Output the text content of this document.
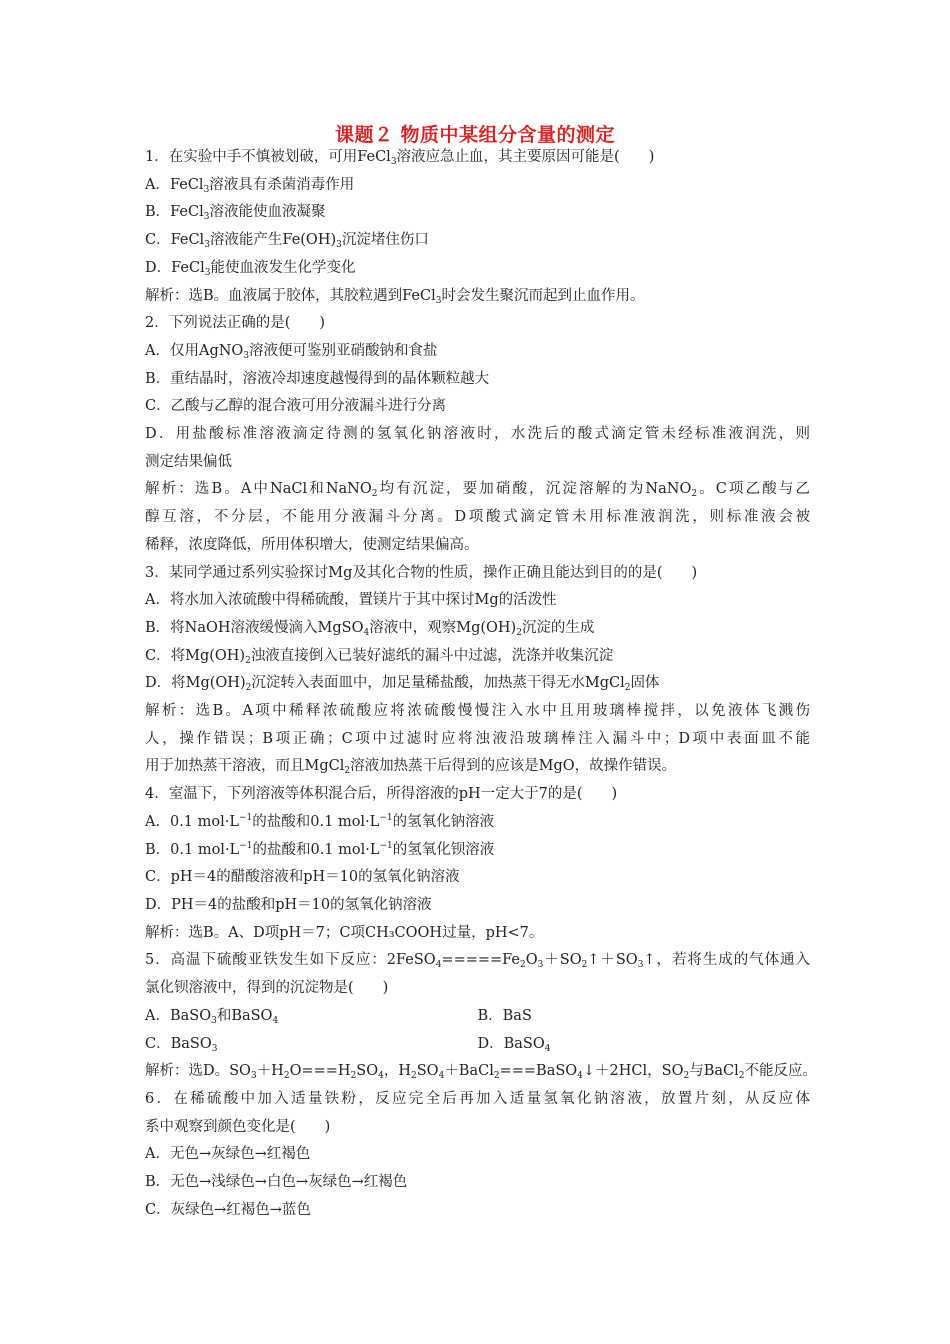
课题２ 物质中某组分含量的测定
1．在实验中手不慎被划破，可用FeCl$_3$溶液应急止血，其主要原因可能是(　　)
A．FeCl$_3$溶液具有杀菌消毒作用
B．FeCl$_3$溶液能使血液凝聚
C．FeCl$_3$溶液能产生$Fe(OH)_3$沉淀堵住伤口
D．FeCl$_3$能使血液发生化学变化
解析：选B。血液属于胶体，其胶粒遇到FeCl$_3$时会发生聚沉而起到止血作用。
2．下列说法正确的是(　　)
A．仅用AgNO$_3$溶液便可鉴别亚硝酸钠和食盐
B．重结晶时，溶液冷却速度越慢得到的晶体颗粒越大
C．乙酸与乙醇的混合液可用分液漏斗进行分离
D．用盐酸标准溶液滴定待测的氢氧化钠溶液时，水洗后的酸式滴定管未经标准液润洗，则
测定结果偏低
解析：选B。A中NaCl和NaNO$_2$均有沉淀，要加硝酸，沉淀溶解的为NaNO$_2$。C项乙酸与乙
醇互溶，不分层，不能用分液漏斗分离。D项酸式滴定管未用标准液润洗，则标准液会被
稀释，浓度降低，所用体积增大，使测定结果偏高。
3．某同学通过系列实验探讨Mg及其化合物的性质，操作正确且能达到目的的是(　　)
A．将水加入浓硫酸中得稀硫酸，置镁片于其中探讨Mg的活泼性
B．将NaOH溶液缓慢滴入MgSO$_4$溶液中，观察$Mg(OH)_2$沉淀的生成
C．将$Mg(OH)_2$浊液直接倒入已装好滤纸的漏斗中过滤，洗涤并收集沉淀
D．将$Mg(OH)_2$沉淀转入表面皿中，加足量稀盐酸，加热蒸干得无水MgCl$_2$固体
解析：选B。A项中稀释浓硫酸应将浓硫酸慢慢注入水中且用玻璃棒搅拌，以免液体飞溅伤
人，操作错误；B项正确；C项中过滤时应将浊液沿玻璃棒注入漏斗中；D项中表面皿不能
用于加热蒸干溶液，而且MgCl$_2$溶液加热蒸干后得到的应该是MgO，故操作错误。
4．室温下，下列溶液等体积混合后，所得溶液的pH一定大于7的是(　　)
A．0.1 $mol\cdot L^{-1}$的盐酸和0.1 $mol\cdot L^{-1}$的氢氧化钠溶液
B．0.1 $mol\cdot L^{-1}$的盐酸和0.1 $mol\cdot L^{-1}$的氢氧化钡溶液
C．pH＝4的醋酸溶液和pH＝10的氢氧化钠溶液
D．PH＝4的盐酸和pH＝10的氢氧化钠溶液
解析：选B。A、D项pH＝7；C项CH₃COOH过量，pH<7。
5．高温下硫酸亚铁发生如下反应：$2FeSO_4=====Fe_2O_3+SO_2↑+SO_3↑$，若将生成的气体通入
氯化钡溶液中，得到的沉淀物是(　　)
A．BaSO$_3$和BaSO$_4$	B．BaS
C．BaSO$_3$	D．BaSO$_4$
解析：选D。$SO_3+H_2O===H_2SO_4$，$H_2SO_4+BaCl_2===BaSO_4↓+2HCl$，$SO_2$与BaCl$_2$不能反应。
6．在稀硫酸中加入适量铁粉，反应完全后再加入适量氢氧化钠溶液，放置片刻，从反应体
系中观察到颜色变化是(　　)
A．无色→灰绿色→红褐色
B．无色→浅绿色→白色→灰绿色→红褐色
C．灰绿色→红褐色→蓝色
